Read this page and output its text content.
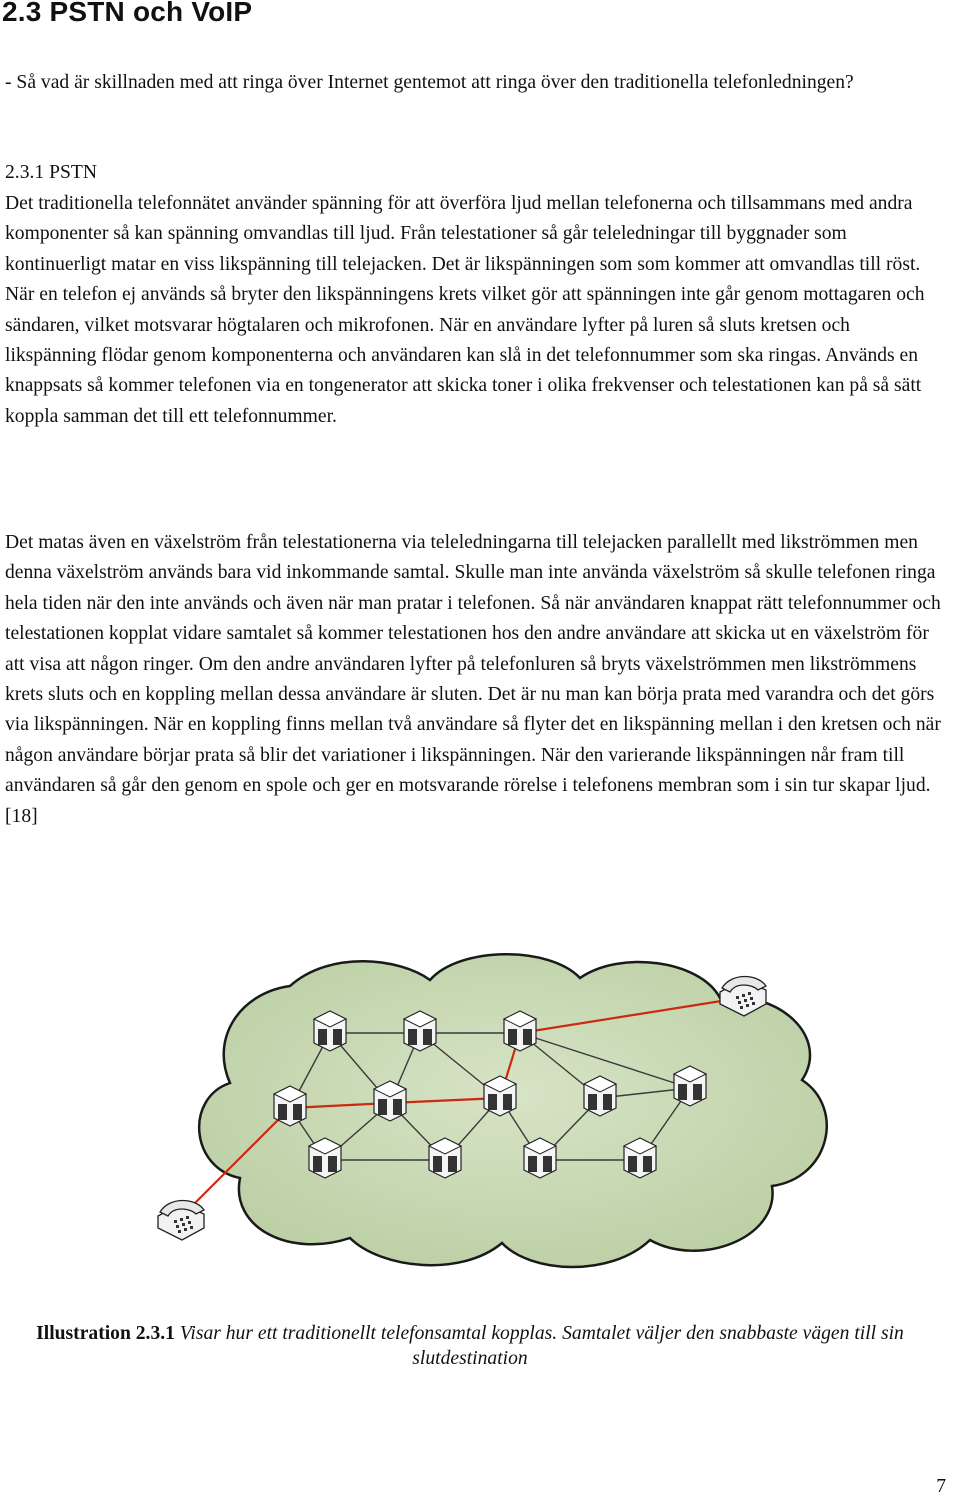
2.3 PSTN och VoIP

- Så vad är skillnaden med att ringa över Internet gentemot att ringa över den traditionella telefonledningen?

2.3.1 PSTN

Det traditionella telefonnätet använder spänning för att överföra ljud mellan telefonerna och tillsammans med andra komponenter så kan spänning omvandlas till ljud. Från telestationer så går teleledningar till byggnader som kontinuerligt matar en viss likspänning till telejacken. Det är likspänningen som som kommer att omvandlas till röst. När en telefon ej används så bryter den likspänningens krets vilket gör att spänningen inte går genom mottagaren och sändaren, vilket motsvarar högtalaren och mikrofonen. När en användare lyfter på luren så sluts kretsen och likspänning flödar genom komponenterna och användaren kan slå in det telefonnummer som ska ringas. Används en knappsats så kommer telefonen via en tongenerator att skicka toner i olika frekvenser och telestationen kan på så sätt koppla samman det till ett telefonnummer.

Det matas även en växelström från telestationerna via teleledningarna till telejacken parallellt med likströmmen men denna växelström används bara vid inkommande samtal. Skulle man inte använda växelström så skulle telefonen ringa hela tiden när den inte används och även när man pratar i telefonen. Så när användaren knappat rätt telefonnummer och telestationen kopplat vidare samtalet så kommer telestationen hos den andre användare att skicka ut en växelström för att visa att någon ringer. Om den andre användaren lyfter på telefonluren så bryts växelströmmen men likströmmens krets sluts och en koppling mellan dessa användare är sluten. Det är nu man kan börja prata med varandra och det görs via likspänningen. När en koppling finns mellan två användare så flyter det en likspänning mellan i den kretsen och när någon användare börjar prata så blir det variationer i likspänningen. När den varierande likspänningen når fram till användaren så går den genom en spole och ger en motsvarande rörelse i telefonens membran som i sin tur skapar ljud. [18]

Illustration 2.3.1 Visar hur ett traditionellt telefonsamtal kopplas. Samtalet väljer den snabbaste vägen till sin slutdestination

7
